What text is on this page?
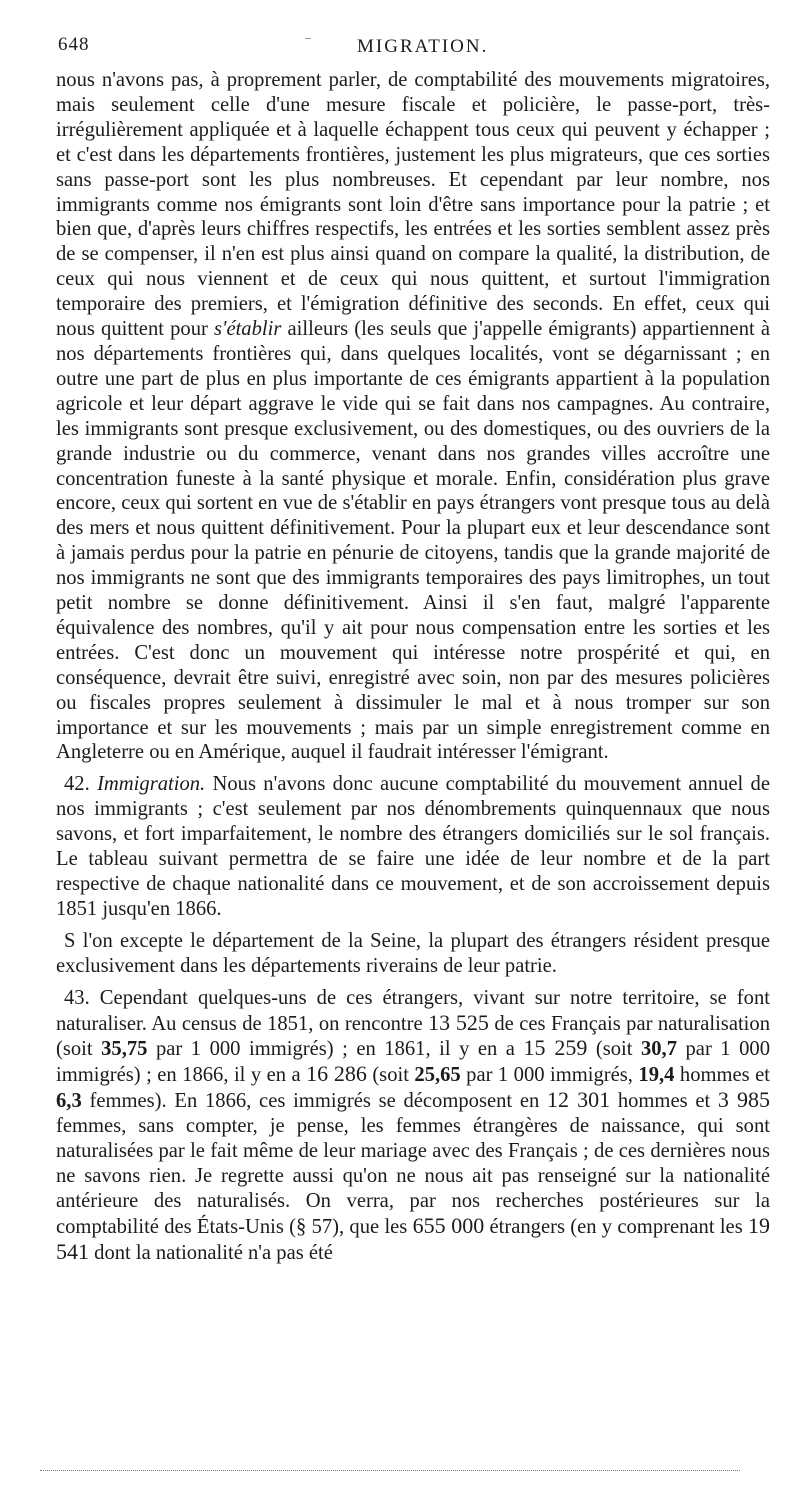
648	– MIGRATION.

nous n'avons pas, à proprement parler, de comptabilité des mouvements migratoires, mais seulement celle d'une mesure fiscale et policière, le passe-port, très-irrégulièrement appliquée et à laquelle échappent tous ceux qui peuvent y échapper ; et c'est dans les départements frontières, justement les plus migrateurs, que ces sorties sans passe-port sont les plus nombreuses. Et cependant par leur nombre, nos immigrants comme nos émigrants sont loin d'être sans importance pour la patrie ; et bien que, d'après leurs chiffres respectifs, les entrées et les sorties semblent assez près de se compenser, il n'en est plus ainsi quand on compare la qualité, la distribution, de ceux qui nous viennent et de ceux qui nous quittent, et surtout l'immigration temporaire des premiers, et l'émigration définitive des seconds. En effet, ceux qui nous quittent pour s'établir ailleurs (les seuls que j'appelle émigrants) appartiennent à nos départements frontières qui, dans quelques localités, vont se dégarnissant ; en outre une part de plus en plus importante de ces émigrants appartient à la population agricole et leur départ aggrave le vide qui se fait dans nos campagnes. Au contraire, les immigrants sont presque exclusivement, ou des domestiques, ou des ouvriers de la grande industrie ou du commerce, venant dans nos grandes villes accroître une concentration funeste à la santé physique et morale. Enfin, considération plus grave encore, ceux qui sortent en vue de s'établir en pays étrangers vont presque tous au delà des mers et nous quittent définitivement. Pour la plupart eux et leur descendance sont à jamais perdus pour la patrie en pénurie de citoyens, tandis que la grande majorité de nos immigrants ne sont que des immigrants temporaires des pays limitrophes, un tout petit nombre se donne définitivement. Ainsi il s'en faut, malgré l'apparente équivalence des nombres, qu'il y ait pour nous compensation entre les sorties et les entrées. C'est donc un mouvement qui intéresse notre prospérité et qui, en conséquence, devrait être suivi, enregistré avec soin, non par des mesures policières ou fiscales propres seulement à dissimuler le mal et à nous tromper sur son importance et sur les mouvements ; mais par un simple enregistrement comme en Angleterre ou en Amérique, auquel il faudrait intéresser l'émigrant.

42. Immigration. Nous n'avons donc aucune comptabilité du mouvement annuel de nos immigrants ; c'est seulement par nos dénombrements quinquennaux que nous savons, et fort imparfaitement, le nombre des étrangers domiciliés sur le sol français. Le tableau suivant permettra de se faire une idée de leur nombre et de la part respective de chaque nationalité dans ce mouvement, et de son accroissement depuis 1851 jusqu'en 1866.

S l'on excepte le département de la Seine, la plupart des étrangers résident presque exclusivement dans les départements riverains de leur patrie.

43. Cependant quelques-uns de ces étrangers, vivant sur notre territoire, se font naturaliser. Au census de 1851, on rencontre 13 525 de ces Français par naturalisation (soit 35,75 par 1 000 immigrés) ; en 1861, il y en a 15 259 (soit 30,7 par 1 000 immigrés) ; en 1866, il y en a 16 286 (soit 25,65 par 1 000 immigrés, 19,4 hommes et 6,3 femmes). En 1866, ces immigrés se décomposent en 12 301 hommes et 3 985 femmes, sans compter, je pense, les femmes étrangères de naissance, qui sont naturalisées par le fait même de leur mariage avec des Français ; de ces dernières nous ne savons rien. Je regrette aussi qu'on ne nous ait pas renseigné sur la nationalité antérieure des naturalisés. On verra, par nos recherches postérieures sur la comptabilité des États-Unis (§ 57), que les 655 000 étrangers (en y comprenant les 19 541 dont la nationalité n'a pas été
